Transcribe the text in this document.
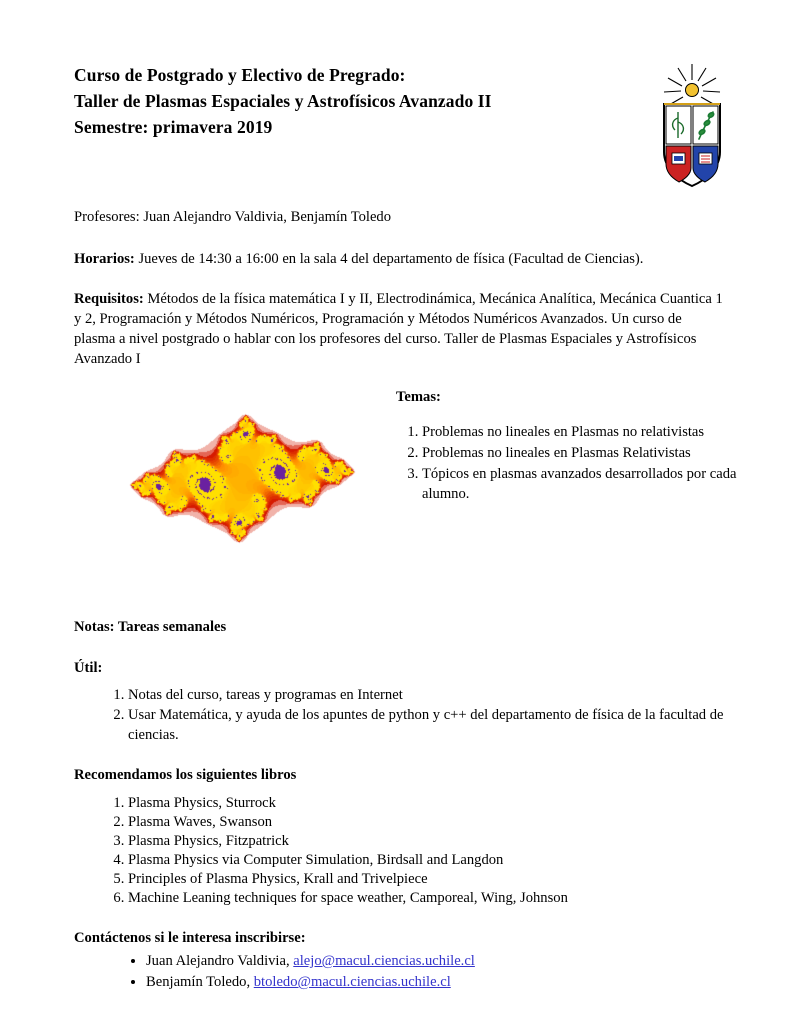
Curso de Postgrado y Electivo de Pregrado:
Taller de Plasmas Espaciales y Astrofísicos Avanzado II
Semestre: primavera 2019
Profesores: Juan Alejandro Valdivia, Benjamín Toledo
Horarios: Jueves de 14:30 a 16:00 en la sala 4 del departamento de física (Facultad de Ciencias).
Requisitos: Métodos de la física matemática I y II, Electrodinámica, Mecánica Analítica, Mecánica Cuantica 1 y 2, Programación y Métodos Numéricos, Programación y Métodos Numéricos Avanzados. Un curso de plasma a nivel postgrado o hablar con los profesores del curso. Taller de Plasmas Espaciales y Astrofísicos Avanzado I
Temas:
1. Problemas no lineales en Plasmas no relativistas
2. Problemas no lineales en Plasmas Relativistas
3. Tópicos en plasmas avanzados desarrollados por cada alumno.
Notas: Tareas semanales
Útil:
1. Notas del curso, tareas y programas en Internet
2. Usar Matemática, y ayuda de los apuntes de python y c++ del departamento de física de la facultad de ciencias.
Recomendamos los siguientes libros
1. Plasma Physics, Sturrock
2. Plasma Waves, Swanson
3. Plasma Physics, Fitzpatrick
4. Plasma Physics via Computer Simulation, Birdsall and Langdon
5. Principles of Plasma Physics, Krall and Trivelpiece
6. Machine Leaning techniques for space weather, Camporeal, Wing, Johnson
Contáctenos si le interesa inscribirse:
• Juan Alejandro Valdivia, alejo@macul.ciencias.uchile.cl
• Benjamín Toledo, btoledo@macul.ciencias.uchile.cl
